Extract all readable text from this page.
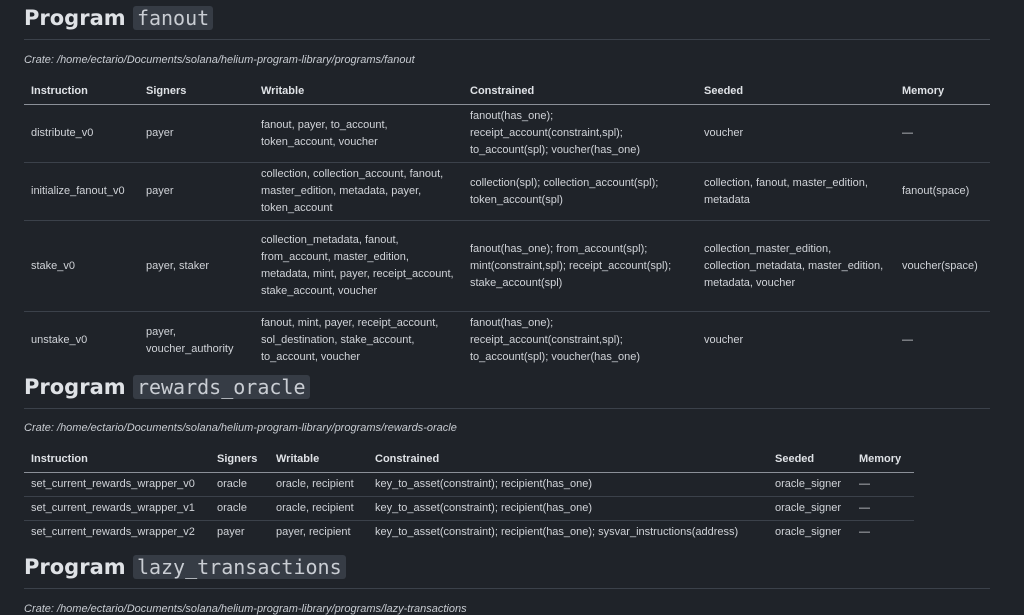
Program fanout
Crate: /home/ectario/Documents/solana/helium-program-library/programs/fanout
Instruction	Signers	Writable	Constrained	Seeded	Memory
distribute_v0	payer	fanout, payer, to_account, token_account, voucher	fanout(has_one); receipt_account(constraint,spl); to_account(spl); voucher(has_one)	voucher	—
initialize_fanout_v0	payer	collection, collection_account, fanout, master_edition, metadata, payer, token_account	collection(spl); collection_account(spl); token_account(spl)	collection, fanout, master_edition, metadata	fanout(space)
stake_v0	payer, staker	collection_metadata, fanout, from_account, master_edition, metadata, mint, payer, receipt_account, stake_account, voucher	fanout(has_one); from_account(spl); mint(constraint,spl); receipt_account(spl); stake_account(spl)	collection_master_edition, collection_metadata, master_edition, metadata, voucher	voucher(space)
unstake_v0	payer, voucher_authority	fanout, mint, payer, receipt_account, sol_destination, stake_account, to_account, voucher	fanout(has_one); receipt_account(constraint,spl); to_account(spl); voucher(has_one)	voucher	—
Program rewards_oracle
Crate: /home/ectario/Documents/solana/helium-program-library/programs/rewards-oracle
Instruction	Signers	Writable	Constrained	Seeded	Memory
set_current_rewards_wrapper_v0	oracle	oracle, recipient	key_to_asset(constraint); recipient(has_one)	oracle_signer	—
set_current_rewards_wrapper_v1	oracle	oracle, recipient	key_to_asset(constraint); recipient(has_one)	oracle_signer	—
set_current_rewards_wrapper_v2	payer	payer, recipient	key_to_asset(constraint); recipient(has_one); sysvar_instructions(address)	oracle_signer	—
Program lazy_transactions
Crate: /home/ectario/Documents/solana/helium-program-library/programs/lazy-transactions
